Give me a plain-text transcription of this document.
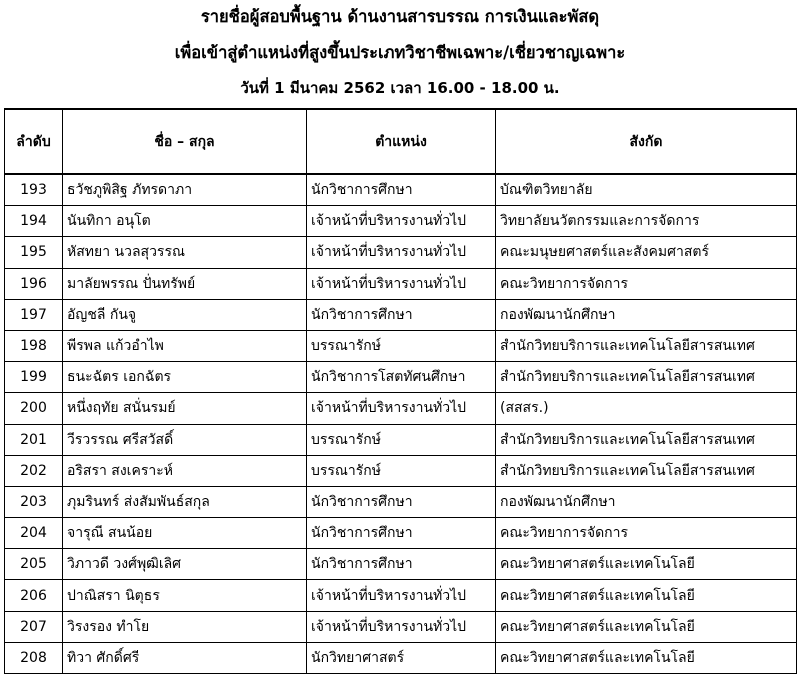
รายชื่อผู้สอบพื้นฐาน ด้านงานสารบรรณ การเงินและพัสดุ
เพื่อเข้าสู่ตำแหน่งที่สูงขึ้นประเภทวิชาชีพเฉพาะ/เชี่ยวชาญเฉพาะ
วันที่ 1 มีนาคม 2562 เวลา 16.00 - 18.00 น.
ลำดับ	ชื่อ – สกุล	ตำแหน่ง	สังกัด
193	ธวัชภูพิสิฐ ภัทรดาภา	นักวิชาการศึกษา	บัณฑิตวิทยาลัย
194	นันทิกา อนุโต	เจ้าหน้าที่บริหารงานทั่วไป	วิทยาลัยนวัตกรรมและการจัดการ
195	หัสทยา นวลสุวรรณ	เจ้าหน้าที่บริหารงานทั่วไป	คณะมนุษยศาสตร์และสังคมศาสตร์
196	มาลัยพรรณ ปั่นทรัพย์	เจ้าหน้าที่บริหารงานทั่วไป	คณะวิทยาการจัดการ
197	อัญชลี กันจู	นักวิชาการศึกษา	กองพัฒนานักศึกษา
198	พีรพล แก้วอำไพ	บรรณารักษ์	สำนักวิทยบริการและเทคโนโลยีสารสนเทศ
199	ธนะฉัตร เอกฉัตร	นักวิชาการโสตทัศนศึกษา	สำนักวิทยบริการและเทคโนโลยีสารสนเทศ
200	หนึ่งฤทัย สนั่นรมย์	เจ้าหน้าที่บริหารงานทั่วไป	(สสสร.)
201	วีรวรรณ ศรีสวัสดิ์	บรรณารักษ์	สำนักวิทยบริการและเทคโนโลยีสารสนเทศ
202	อริสรา สงเคราะห์	บรรณารักษ์	สำนักวิทยบริการและเทคโนโลยีสารสนเทศ
203	ภุมรินทร์ ส่งสัมพันธ์สกุล	นักวิชาการศึกษา	กองพัฒนานักศึกษา
204	จารุณี สนน้อย	นักวิชาการศึกษา	คณะวิทยาการจัดการ
205	วิภาวดี วงศ์พุฒิเลิศ	นักวิชาการศึกษา	คณะวิทยาศาสตร์และเทคโนโลยี
206	ปาณิสรา นิตุธร	เจ้าหน้าที่บริหารงานทั่วไป	คณะวิทยาศาสตร์และเทคโนโลยี
207	วิรงรอง ทำโย	เจ้าหน้าที่บริหารงานทั่วไป	คณะวิทยาศาสตร์และเทคโนโลยี
208	ทิวา ศักดิ์ศรี	นักวิทยาศาสตร์	คณะวิทยาศาสตร์และเทคโนโลยี
